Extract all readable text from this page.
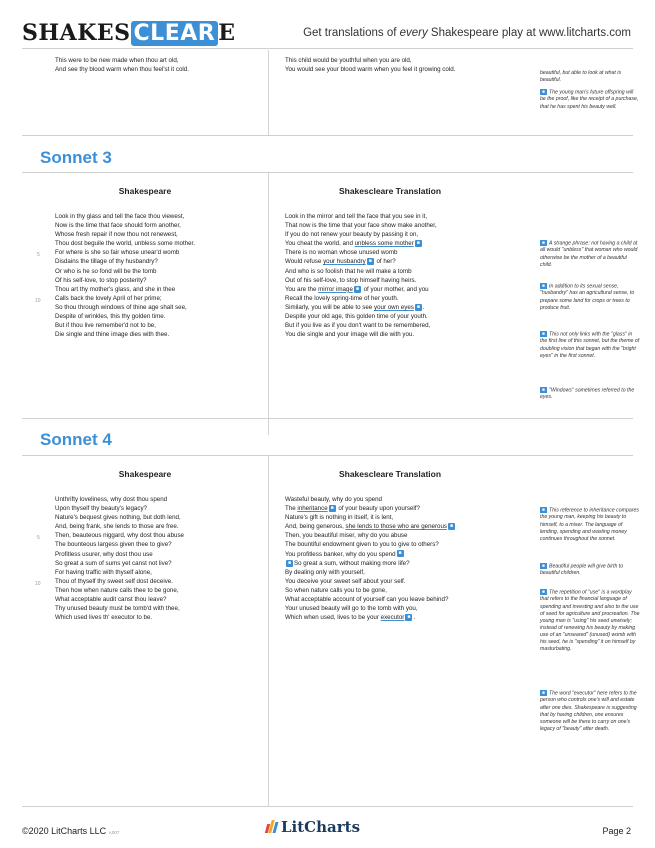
SHAKES CLEAR E	Get translations of every Shakespeare play at www.litcharts.com
This were to be new made when thou art old,
And see thy blood warm when thou feel'st it cold.
This child would be youthful when you are old,
You would see your blood warm when you feel it growing cold.	beautiful, but able to look at what is beautiful.
■ The young man's future offspring will be the proof, like the receipt of a purchase, that he has spent his beauty well.
Sonnet 3
Shakespeare	Shakescleare Translation
5
10
Look in thy glass and tell the face thou viewest,
Now is the time that face should form another,
Whose fresh repair if now thou not renewest,
Thou dost beguile the world, unbless some mother.
For where is she so fair whose unear'd womb
Disdains the tillage of thy husbandry?
Or who is he so fond will be the tomb
Of his self-love, to stop posterity?
Thou art thy mother's glass, and she in thee
Calls back the lovely April of her prime;
So thou through windows of thine age shalt see,
Despite of wrinkles, this thy golden time.
But if thou live remember'd not to be,
Die single and thine image dies with thee.
Look in the mirror and tell the face that you see in it,
That now is the time that your face show make another,
If you do not renew your beauty by passing it on,
You cheat the world, and unbless some mother ■
There is no woman whose unused womb
Would refuse your husbandry ■ of her?
And who is so foolish that he will make a tomb
Out of his self-love, to stop himself having heirs.
You are the mirror image ■ of your mother, and you
Recall the lovely spring-time of her youth.
Similarly, you will be able to see your own eyes ■ .
Despite your old age, this golden time of your youth.
But if you live as if you don't want to be remembered,
You die single and your image will die with you.
■ A strange phrase: not having a child at all would "unbless" that woman who would otherwise be the mother of a beautiful child.
■ In addition to its sexual sense, "husbandry" has an agricultural sense, to prepare some land for crops or trees to produce fruit.
■ This not only links with the "glass" in the first line of this sonnet, but the theme of doubling vision that began with the "bright eyes" in the first sonnet.
■ "Windows" sometimes referred to the eyes.
Sonnet 4
Shakespeare	Shakescleare Translation
5
10
Unthrifty loveliness, why dost thou spend
Upon thyself thy beauty's legacy?
Nature's bequest gives nothing, but doth lend,
And, being frank, she lends to those are free.
Then, beauteous niggard, why dost thou abuse
The bounteous largess given thee to give?
Profitless usurer, why dost thou use
So great a sum of sums yet canst not live?
For having traffic with thyself alone,
Thou of thyself thy sweet self dost deceive.
Then how when nature calls thee to be gone,
What acceptable audit canst thou leave?
Thy unused beauty must be tomb'd with thee,
Which used lives th' executor to be.
Wasteful beauty, why do you spend
The inheritance ■ of your beauty upon yourself?
Nature's gift is nothing in itself, it is lent,
And, being generous, she lends to those who are generous ■
Then, you beautiful miser, why do you abuse
The bountiful endowment given to you to give to others?
You profitless banker, why do you spend ■
■ So great a sum, without making more life?
By dealing only with yourself,
You deceive your sweet self about your self.
So when nature calls you to be gone,
What acceptable account of yourself can you leave behind?
Your unused beauty will go to the tomb with you,
Which when used, lives to be your executor ■ .
■ This reference to inheritance compares the young man, keeping his beauty to himself, to a miser. The language of lending, spending and wasting money continues throughout the sonnet.
■ Beautiful people will give birth to beautiful children.
■ The repetition of "use" is a wordplay that refers to the financial language of spending and investing and also to the use of seed for agriculture and procreation. The young man is "using" his seed unwisely; instead of renewing his beauty by making use of an "unseared" (unused) womb with his seed, he is "spending" it on himself by masturbating.
■ The word "executor" here refers to the person who controls one's will and estate after one dies. Shakespeare is suggesting that by having children, one ensures someone will be there to carry on one's legacy of "beauty" after death.
©2020 LitCharts LLC v.007	LitCharts	Page 2
